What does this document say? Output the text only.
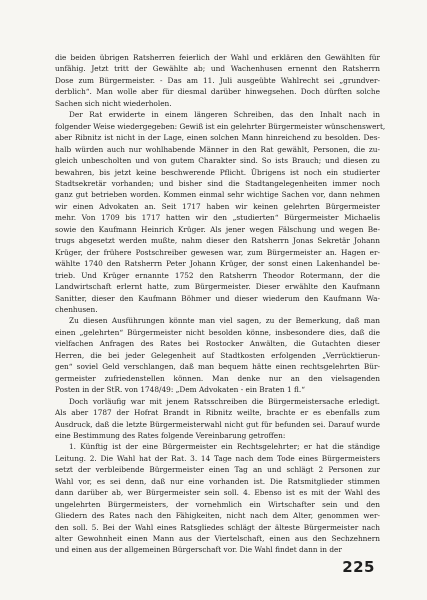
die beiden übrigen Ratsherren feierlich der Wahl und erklären den Gewählten für
unfähig. Jetzt tritt der Gewählte ab; und Wachenhusen ernennt den Ratsherrn
Dose zum Bürgermeister. - Das am 11. Juli ausgeübte Wahlrecht sei „grundver-
derblich“. Man wolle aber für diesmal darüber hinwegsehen. Doch dürften solche
Sachen sich nicht wiederholen.
Der Rat erwiderte in einem längeren Schreiben, das den Inhalt nach in
folgender Weise wiedergegeben: Gewiß ist ein gelehrter Bürgermeister wünschenswert,
aber Ribnitz ist nicht in der Lage, einen solchen Mann hinreichend zu besolden. Des-
halb würden auch nur wohlhabende Männer in den Rat gewählt, Personen, die zu-
gleich unbescholten und von gutem Charakter sind. So ists Brauch; und diesen zu
bewahren, bis jetzt keine beschwerende Pflicht. Übrigens ist noch ein studierter
Stadtsekretär vorhanden; und bisher sind die Stadtangelegenheiten immer noch
ganz gut betrieben worden. Kommen einmal sehr wichtige Sachen vor, dann nehmen
wir einen Advokaten an. Seit 1717 haben wir keinen gelehrten Bürgermeister
mehr. Von 1709 bis 1717 hatten wir den „studierten“ Bürgermeister Michaelis
sowie den Kaufmann Heinrich Krüger. Als jener wegen Fälschung und wegen Be-
trugs abgesetzt werden mußte, nahm dieser den Ratsherrn Jonas Sekretär Johann
Krüger, der frühere Postschreiber gewesen war, zum Bürgermeister an. Hagen er-
wählte 1740 den Ratsherrn Peter Johann Krüger, der sonst einen Lakenhandel be-
trieb. Und Krüger ernannte 1752 den Ratsherrn Theodor Rotermann, der die
Landwirtschaft erlernt hatte, zum Bürgermeister. Dieser erwählte den Kaufmann
Sanitter, dieser den Kaufmann Böhmer und dieser wiederum den Kaufmann Wa-
chenhusen.
Zu diesen Ausführungen könnte man viel sagen, zu der Bemerkung, daß man
einen „gelehrten“ Bürgermeister nicht besolden könne, insbesondere dies, daß die
vielfachen Anfragen des Rates bei Rostocker Anwälten, die Gutachten dieser
Herren, die bei jeder Gelegenheit auf Stadtkosten erfolgenden „Verrücktierun-
gen“ soviel Geld verschlangen, daß man bequem hätte einen rechtsgelehrten Bür-
germeister zufriedenstellen können. Man denke nur an den vielsagenden
Posten in der StR. von 1748/49: „Dem Advokaten - ein Braten 1 fl.“
Doch vorläufig war mit jenem Ratsschreiben die Bürgermeistersache erledigt.
Als aber 1787 der Hofrat Brandt in Ribnitz weilte, brachte er es ebenfalls zum
Ausdruck, daß die letzte Bürgermeisterwahl nicht gut für befunden sei. Darauf wurde
eine Bestimmung des Rates folgende Vereinbarung getroffen:
1. Künftig ist der eine Bürgermeister ein Rechtsgelehrter; er hat die ständige
Leitung. 2. Die Wahl hat der Rat. 3. 14 Tage nach dem Tode eines Bürgermeisters
setzt der verbleibende Bürgermeister einen Tag an und schlägt 2 Personen zur
Wahl vor, es sei denn, daß nur eine vorhanden ist. Die Ratsmitglieder stimmen
dann darüber ab, wer Bürgermeister sein soll. 4. Ebenso ist es mit der Wahl des
ungelehrten Bürgermeisters, der vornehmlich ein Wirtschafter sein und den
Gliedern des Rates nach den Fähigkeiten, nicht nach dem Alter, genommen wer-
den soll. 5. Bei der Wahl eines Ratsgliedes schlägt der älteste Bürgermeister nach
alter Gewohnheit einen Mann aus der Viertelschaft, einen aus den Sechzehnern
und einen aus der allgemeinen Bürgerschaft vor. Die Wahl findet dann in der
225
